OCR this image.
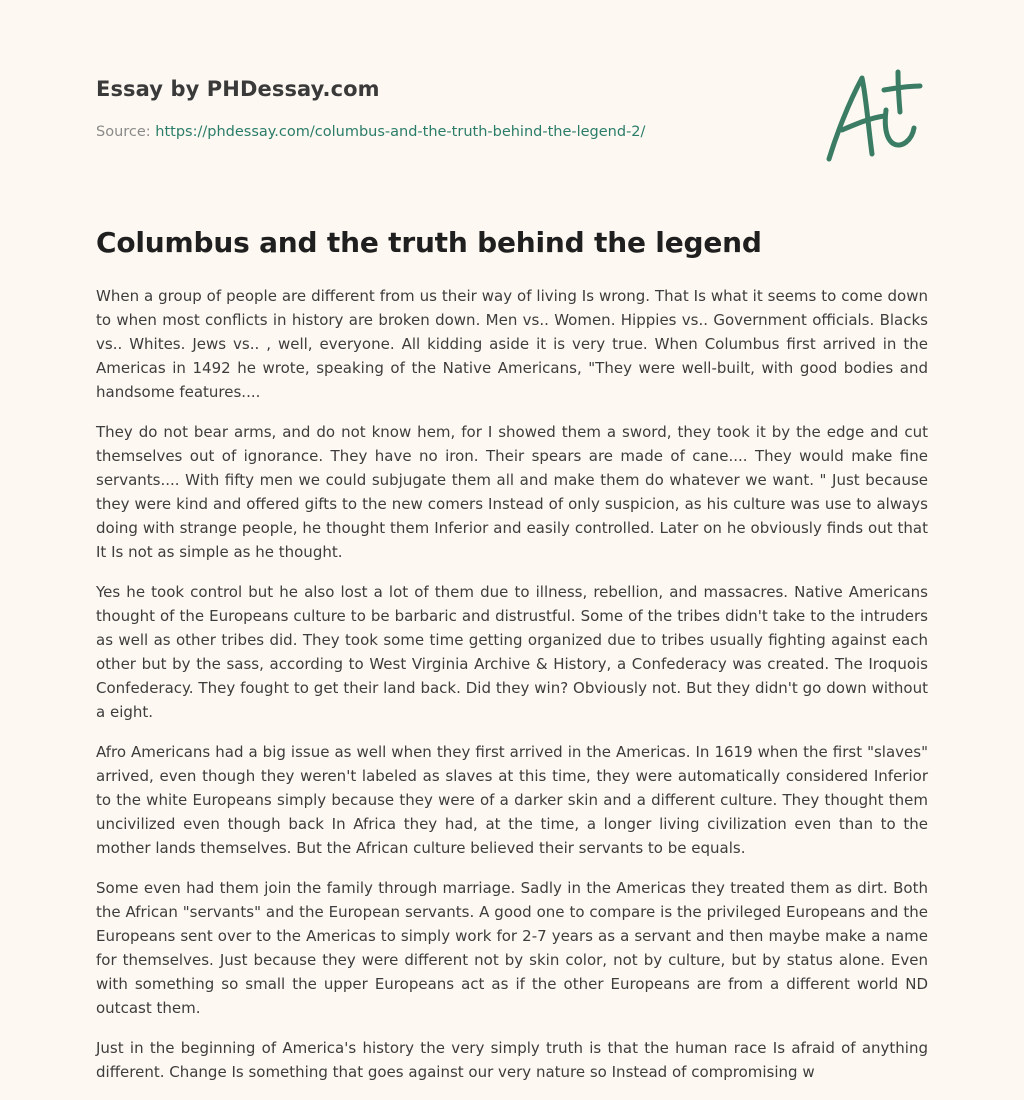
Essay by PHDessay.com
Source: https://phdessay.com/columbus-and-the-truth-behind-the-legend-2/
Columbus and the truth behind the legend

When a group of people are different from us their way of living Is wrong. That Is what it seems to come down to when most conflicts in history are broken down. Men vs.. Women. Hippies vs.. Government officials. Blacks vs.. Whites. Jews vs.. , well, everyone. All kidding aside it is very true. When Columbus first arrived in the Americas in 1492 he wrote, speaking of the Native Americans, "They were well-built, with good bodies and handsome features....

They do not bear arms, and do not know hem, for I showed them a sword, they took it by the edge and cut themselves out of ignorance. They have no iron. Their spears are made of cane.... They would make fine servants.... With fifty men we could subjugate them all and make them do whatever we want. " Just because they were kind and offered gifts to the new comers Instead of only suspicion, as his culture was use to always doing with strange people, he thought them Inferior and easily controlled. Later on he obviously finds out that It Is not as simple as he thought.

Yes he took control but he also lost a lot of them due to illness, rebellion, and massacres. Native Americans thought of the Europeans culture to be barbaric and distrustful. Some of the tribes didn't take to the intruders as well as other tribes did. They took some time getting organized due to tribes usually fighting against each other but by the sass, according to West Virginia Archive & History, a Confederacy was created. The Iroquois Confederacy. They fought to get their land back. Did they win? Obviously not. But they didn't go down without a eight.

Afro Americans had a big issue as well when they first arrived in the Americas. In 1619 when the first "slaves" arrived, even though they weren't labeled as slaves at this time, they were automatically considered Inferior to the white Europeans simply because they were of a darker skin and a different culture. They thought them uncivilized even though back In Africa they had, at the time, a longer living civilization even than to the mother lands themselves. But the African culture believed their servants to be equals.

Some even had them join the family through marriage. Sadly in the Americas they treated them as dirt. Both the African "servants" and the European servants. A good one to compare is the privileged Europeans and the Europeans sent over to the Americas to simply work for 2-7 years as a servant and then maybe make a name for themselves. Just because they were different not by skin color, not by culture, but by status alone. Even with something so small the upper Europeans act as if the other Europeans are from a different world ND outcast them.

Just in the beginning of America's history the very simply truth is that the human race Is afraid of anything different. Change Is something that goes against our very nature so Instead of compromising w
